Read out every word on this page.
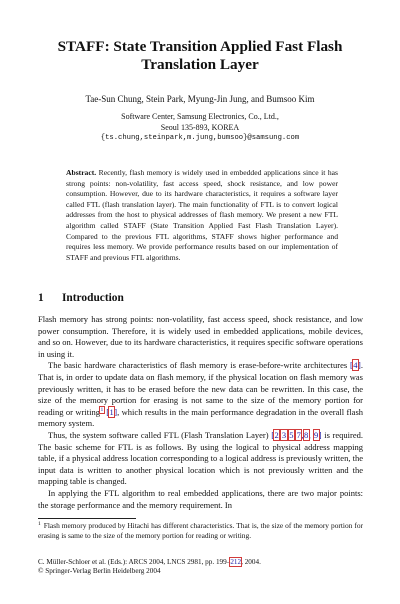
STAFF: State Transition Applied Fast Flash
Translation Layer
Tae-Sun Chung, Stein Park, Myung-Jin Jung, and Bumsoo Kim
Software Center, Samsung Electronics, Co., Ltd.,
Seoul 135-893, KOREA
{ts.chung,steinpark,m.jung,bumsoo}@samsung.com
Abstract. Recently, flash memory is widely used in embedded applications since it has strong points: non-volatility, fast access speed, shock resistance, and low power consumption. However, due to its hardware characteristics, it requires a software layer called FTL (flash translation layer). The main functionality of FTL is to convert logical addresses from the host to physical addresses of flash memory. We present a new FTL algorithm called STAFF (State Transition Applied Fast Flash Translation Layer). Compared to the previous FTL algorithms, STAFF shows higher performance and requires less memory. We provide performance results based on our implementation of STAFF and previous FTL algorithms.
1 Introduction

Flash memory has strong points: non-volatility, fast access speed, shock resistance, and low power consumption. Therefore, it is widely used in embedded applications, mobile devices, and so on. However, due to its hardware characteristics, it requires specific software operations in using it.

The basic hardware characteristics of flash memory is erase-before-write architectures [4]. That is, in order to update data on flash memory, if the physical location on flash memory was previously written, it has to be erased before the new data can be rewritten. In this case, the size of the memory portion for erasing is not same to the size of the memory portion for reading or writing$^1$ [1], which results in the main performance degradation in the overall flash memory system.

Thus, the system software called FTL (Flash Translation Layer) [2,3,5,7,8, 9] is required. The basic scheme for FTL is as follows. By using the logical to physical address mapping table, if a physical address location corresponding to a logical address is previously written, the input data is written to another physical location which is not previously written and the mapping table is changed.

In applying the FTL algorithm to real embedded applications, there are two major points: the storage performance and the memory requirement. In

$^1$ Flash memory produced by Hitachi has different characteristics. That is, the size of the memory portion for erasing is same to the size of the memory portion for reading or writing.
C. Müller-Schloer et al. (Eds.): ARCS 2004, LNCS 2981, pp. 199–212, 2004.
© Springer-Verlag Berlin Heidelberg 2004
